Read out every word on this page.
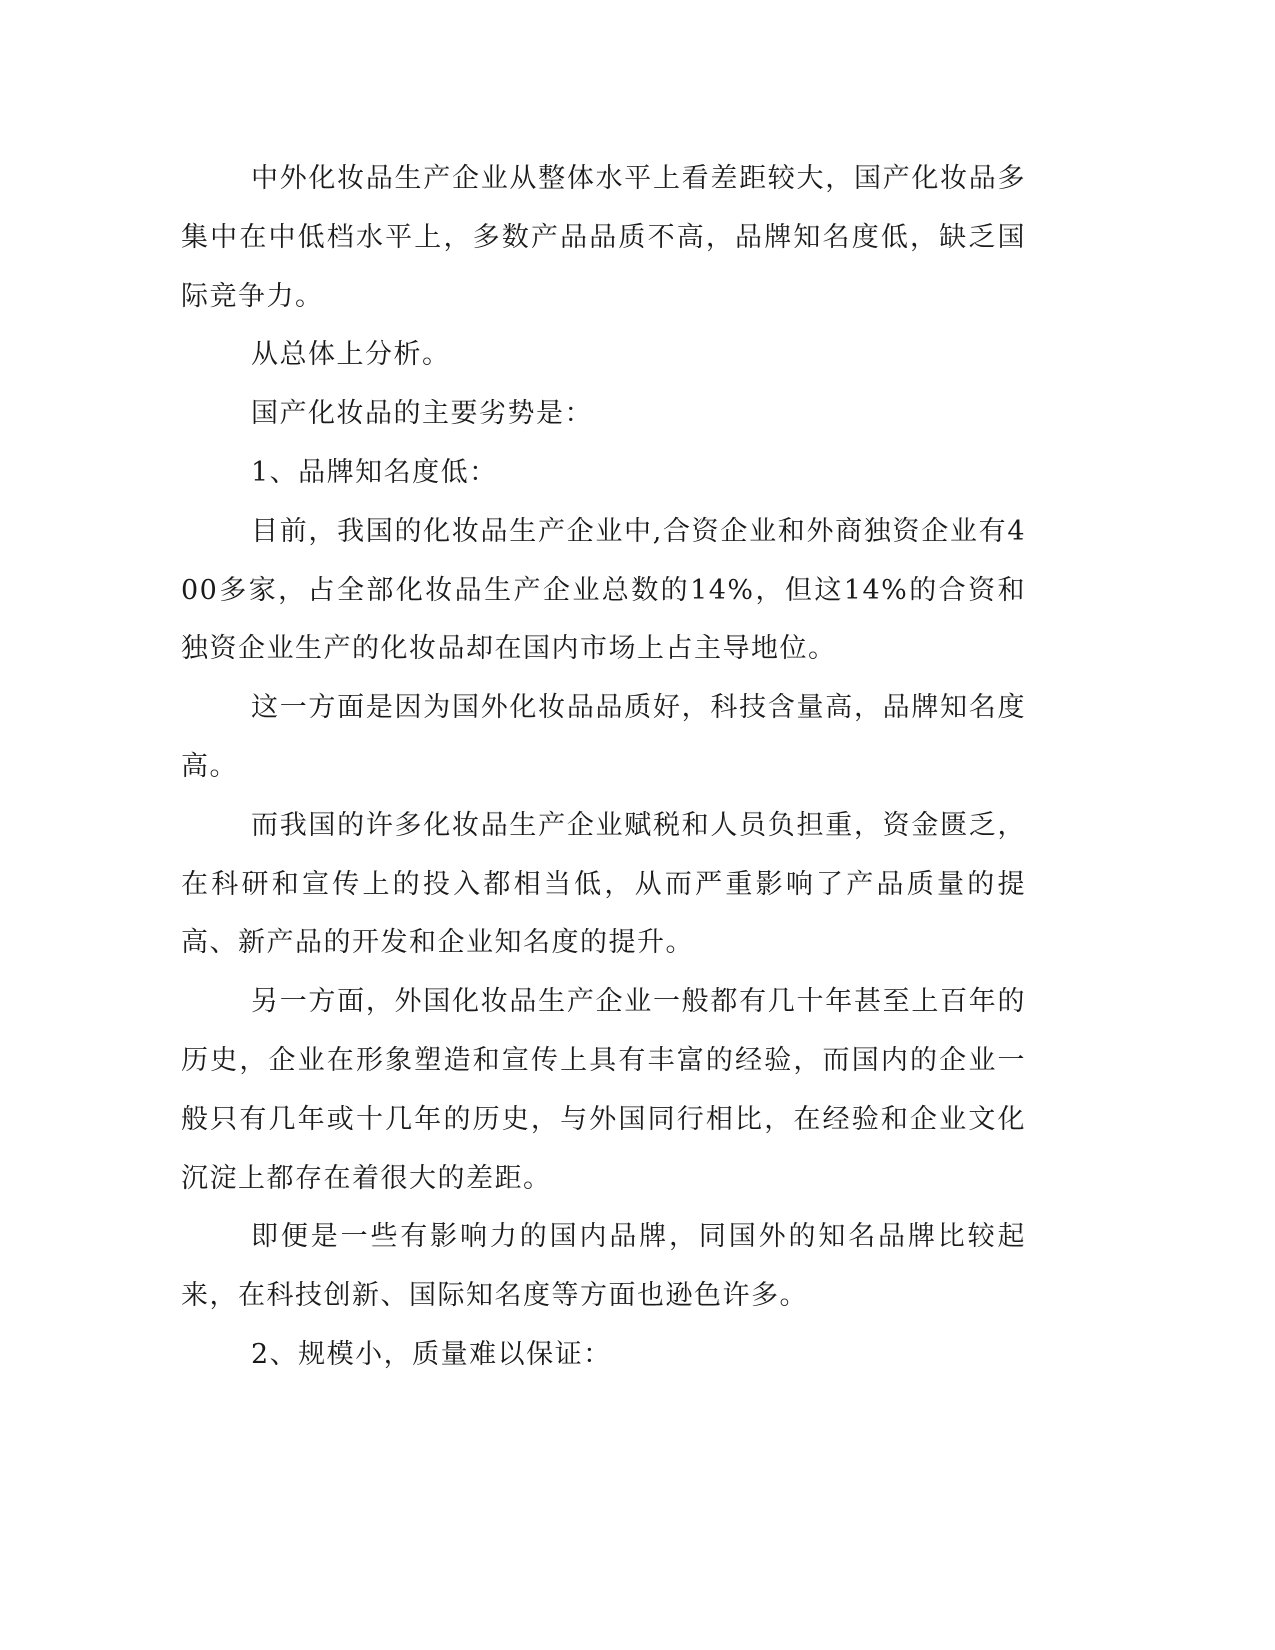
中外化妆品生产企业从整体水平上看差距较大，国产化妆品多集中在中低档水平上，多数产品品质不高，品牌知名度低，缺乏国际竞争力。

从总体上分析。

国产化妆品的主要劣势是：

1、品牌知名度低：

目前，我国的化妆品生产企业中,合资企业和外商独资企业有400多家，占全部化妆品生产企业总数的14%，但这14%的合资和独资企业生产的化妆品却在国内市场上占主导地位。

这一方面是因为国外化妆品品质好，科技含量高，品牌知名度高。

而我国的许多化妆品生产企业赋税和人员负担重，资金匮乏，在科研和宣传上的投入都相当低，从而严重影响了产品质量的提高、新产品的开发和企业知名度的提升。

另一方面，外国化妆品生产企业一般都有几十年甚至上百年的历史，企业在形象塑造和宣传上具有丰富的经验，而国内的企业一般只有几年或十几年的历史，与外国同行相比，在经验和企业文化沉淀上都存在着很大的差距。

即便是一些有影响力的国内品牌，同国外的知名品牌比较起来，在科技创新、国际知名度等方面也逊色许多。

2、规模小，质量难以保证：
